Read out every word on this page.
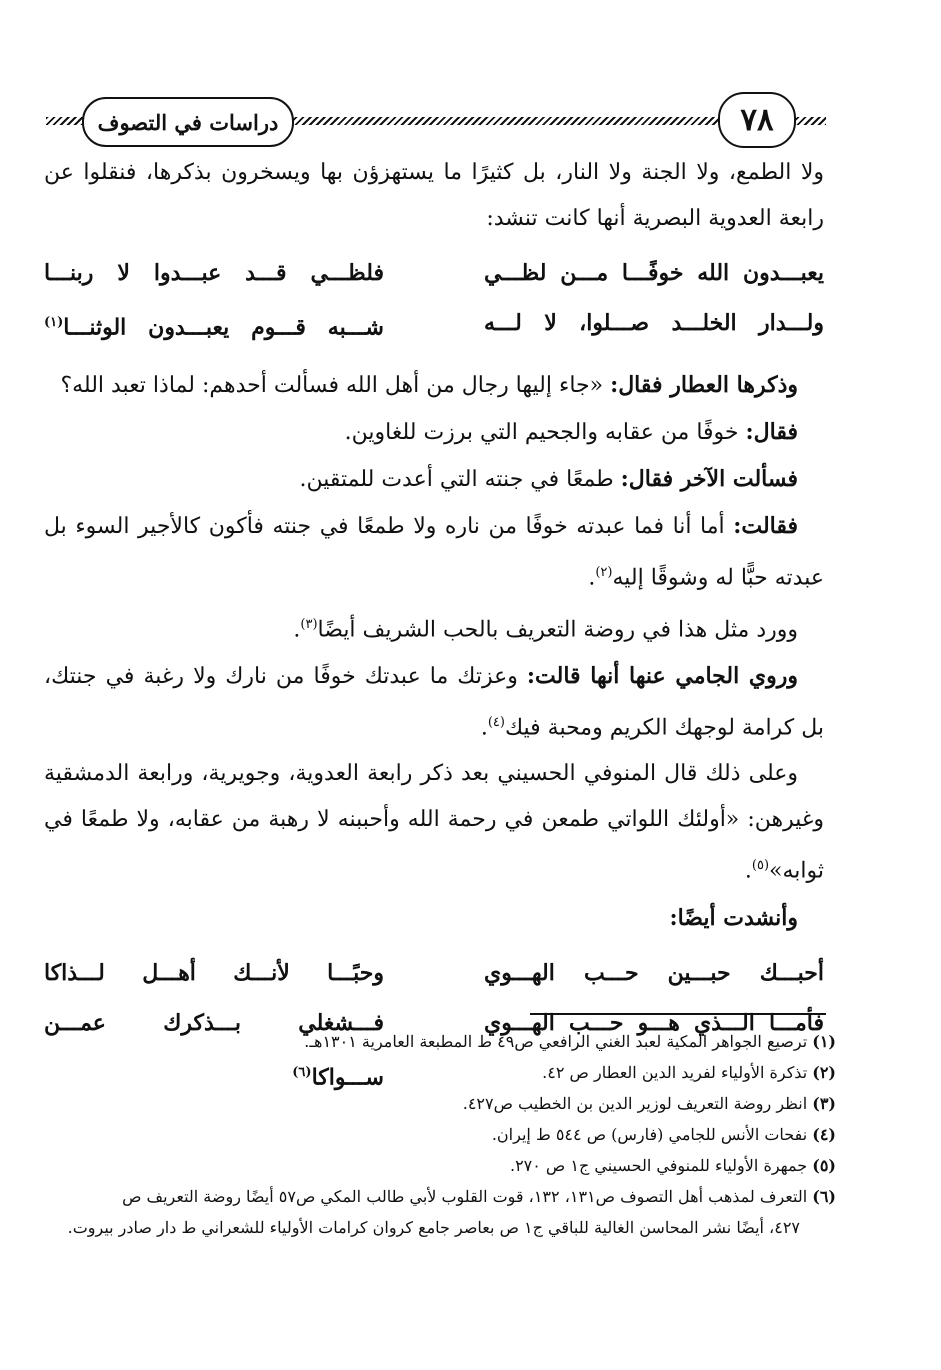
دراسات في التصوف	٧٨

ولا الطمع، ولا الجنة ولا النار، بل كثيرًا ما يستهزؤن بها ويسخرون بذكرها، فنقلوا عن رابعة العدوية البصرية أنها كانت تنشد:

يعبـــدون الله خوفًـــا مـــن لظـــي
فلظـــي قـــد عبـــدوا لا ربنـــا
ولـــدار الخلـــد صـــلوا، لا لـــه
شـــبه قـــوم يعبـــدون الوثنـــا$^{(١)}$

وذكرها العطار فقال: «جاء إليها رجال من أهل الله فسألت أحدهم: لماذا تعبد الله؟

فقال: خوفًا من عقابه والجحيم التي برزت للغاوين.

فسألت الآخر فقال: طمعًا في جنته التي أعدت للمتقين.

فقالت: أما أنا فما عبدته خوفًا من ناره ولا طمعًا في جنته فأكون كالأجير السوء بل عبدته حبًّا له وشوقًا إليه$^{(٢)}$.

وورد مثل هذا في روضة التعريف بالحب الشريف أيضًا$^{(٣)}$.

وروي الجامي عنها أنها قالت: وعزتك ما عبدتك خوفًا من نارك ولا رغبة في جنتك، بل كرامة لوجهك الكريم ومحبة فيك$^{(٤)}$.

وعلى ذلك قال المنوفي الحسيني بعد ذكر رابعة العدوية، وجويرية، ورابعة الدمشقية وغيرهن: «أولئك اللواتي طمعن في رحمة الله وأحببنه لا رهبة من عقابه، ولا طمعًا في ثوابه»$^{(٥)}$.

وأنشدت أيضًا:

أحبـــك حبـــين حـــب الهـــوي
وحبًـــا لأنـــك أهـــل لـــذاكا
فأمـــا الـــذي هـــو حـــب الهـــوي
فـــشغلي بـــذكرك عمـــن ســـواكا$^{(٦)}$

(١) ترصيع الجواهر المكية لعبد الغني الرافعي ص٤٩ ط المطبعة العامرية ١٣٠١هـ.

(٢) تذكرة الأولياء لفريد الدين العطار ص ٤٢.

(٣) انظر روضة التعريف لوزير الدين بن الخطيب ص٤٢٧.

(٤) نفحات الأنس للجامي (فارس) ص ٥٤٤ ط إيران.

(٥) جمهرة الأولياء للمنوفي الحسيني ج١ ص ٢٧٠.

(٦) التعرف لمذهب أهل التصوف ص١٣١، ١٣٢، قوت القلوب لأبي طالب المكي ص٥٧ أيضًا روضة التعريف ص

٤٢٧، أيضًا نشر المحاسن الغالية للباقي ج١ ص بعاصر جامع كروان كرامات الأولياء للشعراني ط دار صادر بيروت.
